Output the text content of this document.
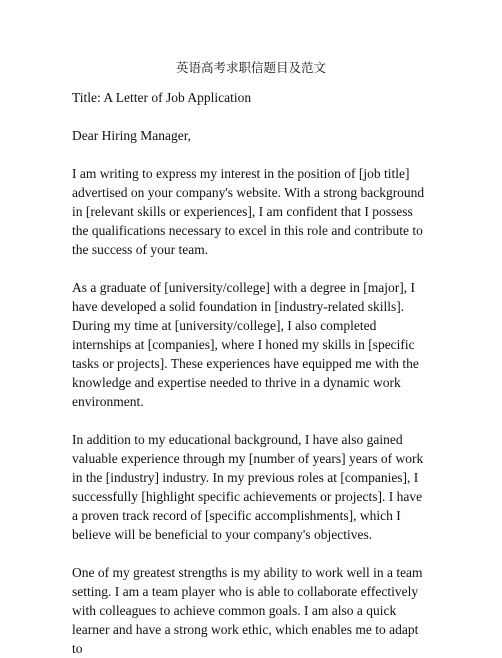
英语高考求职信题目及范文
Title: A Letter of Job Application
Dear Hiring Manager,

I am writing to express my interest in the position of [job title] advertised on your company's website. With a strong background in [relevant skills or experiences], I am confident that I possess the qualifications necessary to excel in this role and contribute to the success of your team.

As a graduate of [university/college] with a degree in [major], I have developed a solid foundation in [industry-related skills]. During my time at [university/college], I also completed internships at [companies], where I honed my skills in [specific tasks or projects]. These experiences have equipped me with the knowledge and expertise needed to thrive in a dynamic work environment.

In addition to my educational background, I have also gained valuable experience through my [number of years] years of work in the [industry] industry. In my previous roles at [companies], I successfully [highlight specific achievements or projects]. I have a proven track record of [specific accomplishments], which I believe will be beneficial to your company's objectives.

One of my greatest strengths is my ability to work well in a team setting. I am a team player who is able to collaborate effectively with colleagues to achieve common goals. I am also a quick learner and have a strong work ethic, which enables me to adapt to
